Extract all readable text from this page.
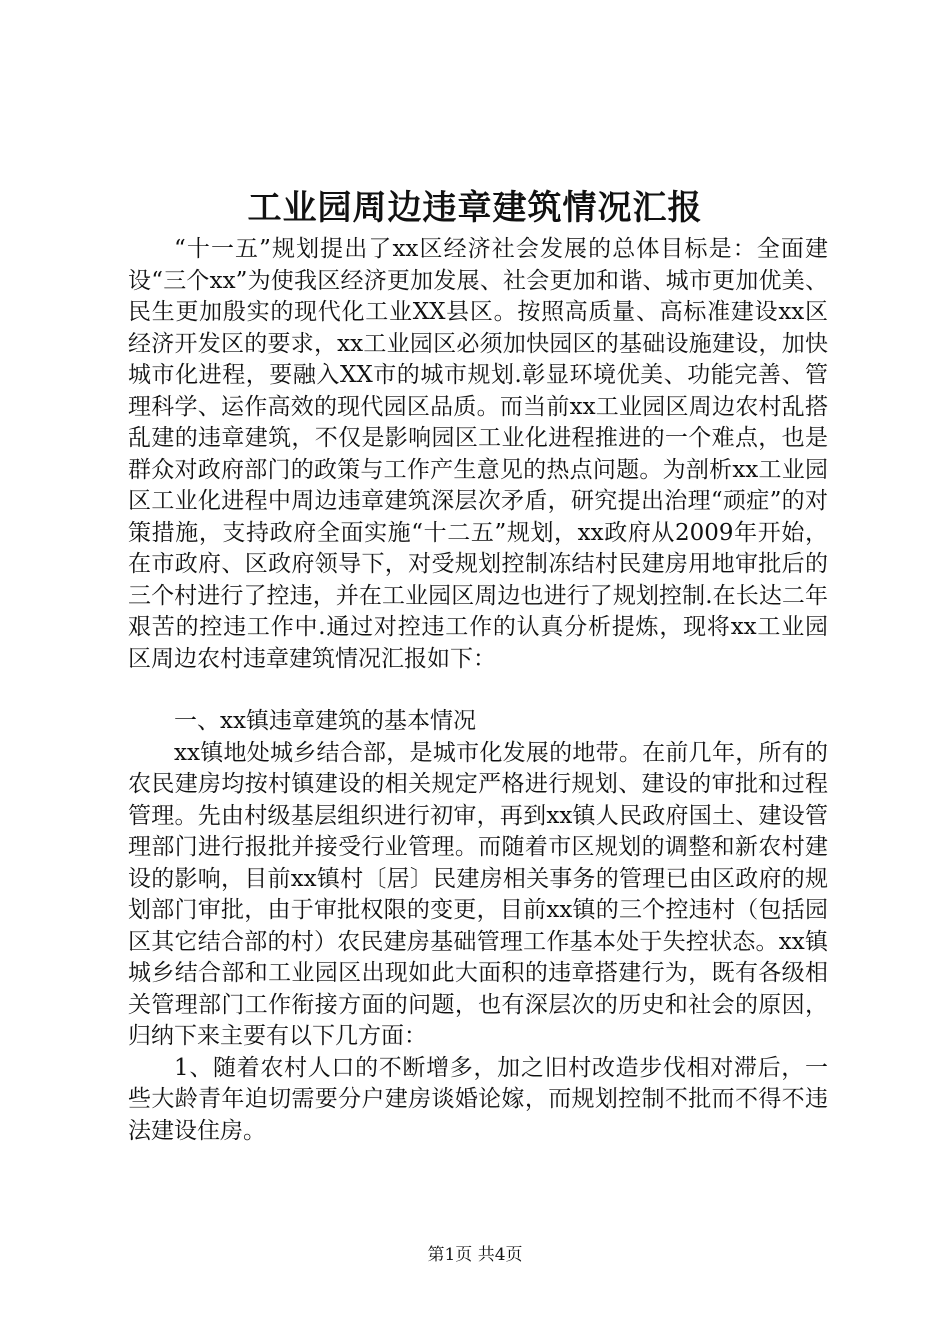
工业园周边违章建筑情况汇报

“十一五”规划提出了xx区经济社会发展的总体目标是：全面建设“三个xx”为使我区经济更加发展、社会更加和谐、城市更加优美、民生更加殷实的现代化工业XX县区。按照高质量、高标准建设xx区经济开发区的要求，xx工业园区必须加快园区的基础设施建设，加快城市化进程，要融入XX市的城市规划.彰显环境优美、功能完善、管理科学、运作高效的现代园区品质。而当前xx工业园区周边农村乱搭乱建的违章建筑，不仅是影响园区工业化进程推进的一个难点，也是群众对政府部门的政策与工作产生意见的热点问题。为剖析xx工业园区工业化进程中周边违章建筑深层次矛盾，研究提出治理“顽症”的对策措施，支持政府全面实施“十二五”规划，xx政府从2009年开始，在市政府、区政府领导下，对受规划控制冻结村民建房用地审批后的三个村进行了控违，并在工业园区周边也进行了规划控制.在长达二年艰苦的控违工作中.通过对控违工作的认真分析提炼，现将xx工业园区周边农村违章建筑情况汇报如下：

一、xx镇违章建筑的基本情况

xx镇地处城乡结合部，是城市化发展的地带。在前几年，所有的农民建房均按村镇建设的相关规定严格进行规划、建设的审批和过程管理。先由村级基层组织进行初审，再到xx镇人民政府国土、建设管理部门进行报批并接受行业管理。而随着市区规划的调整和新农村建设的影响，目前xx镇村〔居〕民建房相关事务的管理已由区政府的规划部门审批，由于审批权限的变更，目前xx镇的三个控违村（包括园区其它结合部的村）农民建房基础管理工作基本处于失控状态。xx镇城乡结合部和工业园区出现如此大面积的违章搭建行为，既有各级相关管理部门工作衔接方面的问题，也有深层次的历史和社会的原因，归纳下来主要有以下几方面：

1、随着农村人口的不断增多，加之旧村改造步伐相对滞后，一些大龄青年迫切需要分户建房谈婚论嫁，而规划控制不批而不得不违法建设住房。

第1页 共4页
